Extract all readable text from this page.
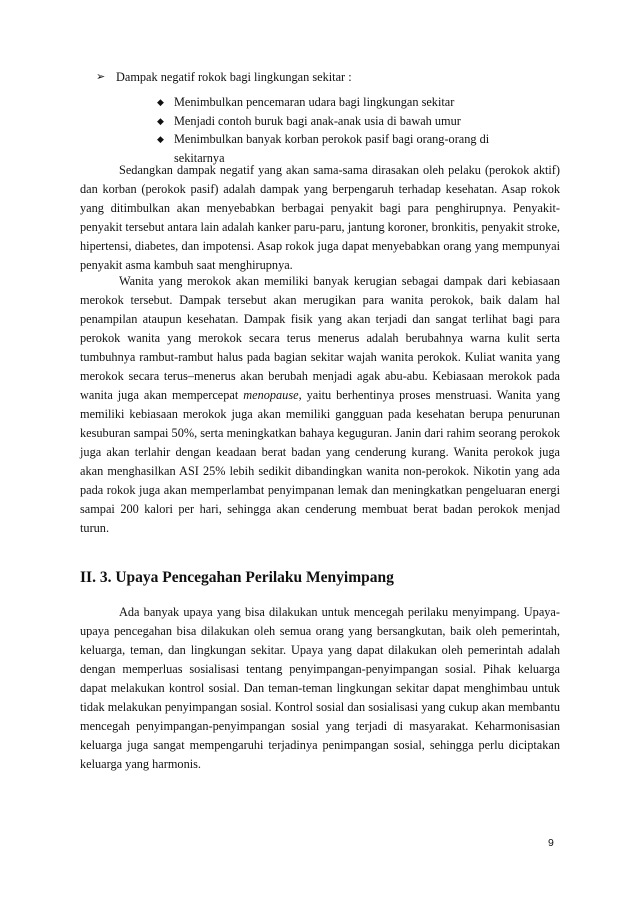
➢ Dampak negatif rokok bagi lingkungan sekitar :
◆ Menimbulkan pencemaran udara bagi lingkungan sekitar
◆ Menjadi contoh buruk bagi anak-anak usia di bawah umur
◆ Menimbulkan banyak korban perokok pasif bagi orang-orang di sekitarnya

Sedangkan dampak negatif yang akan sama-sama dirasakan oleh pelaku (perokok aktif) dan korban (perokok pasif) adalah dampak yang berpengaruh terhadap kesehatan. Asap rokok yang ditimbulkan akan menyebabkan berbagai penyakit bagi para penghirupnya. Penyakit-penyakit tersebut antara lain adalah kanker paru-paru, jantung koroner, bronkitis, penyakit stroke, hipertensi, diabetes, dan impotensi. Asap rokok juga dapat menyebabkan orang yang mempunyai penyakit asma kambuh saat menghirupnya.

Wanita yang merokok akan memiliki banyak kerugian sebagai dampak dari kebiasaan merokok tersebut. Dampak tersebut akan merugikan para wanita perokok, baik dalam hal penampilan ataupun kesehatan. Dampak fisik yang akan terjadi dan sangat terlihat bagi para perokok wanita yang merokok secara terus menerus adalah berubahnya warna kulit serta tumbuhnya rambut-rambut halus pada bagian sekitar wajah wanita perokok. Kuliat wanita yang merokok secara terus–menerus akan berubah menjadi agak abu-abu. Kebiasaan merokok pada wanita juga akan mempercepat menopause, yaitu berhentinya proses menstruasi. Wanita yang memiliki kebiasaan merokok juga akan memiliki gangguan pada kesehatan berupa penurunan kesuburan sampai 50%, serta meningkatkan bahaya keguguran. Janin dari rahim seorang perokok juga akan terlahir dengan keadaan berat badan yang cenderung kurang. Wanita perokok juga akan menghasilkan ASI 25% lebih sedikit dibandingkan wanita non-perokok. Nikotin yang ada pada rokok juga akan memperlambat penyimpanan lemak dan meningkatkan pengeluaran energi sampai 200 kalori per hari, sehingga akan cenderung membuat berat badan perokok menjad turun.

II. 3. Upaya Pencegahan Perilaku Menyimpang

Ada banyak upaya yang bisa dilakukan untuk mencegah perilaku menyimpang. Upaya-upaya pencegahan bisa dilakukan oleh semua orang yang bersangkutan, baik oleh pemerintah, keluarga, teman, dan lingkungan sekitar. Upaya yang dapat dilakukan oleh pemerintah adalah dengan memperluas sosialisasi tentang penyimpangan-penyimpangan sosial. Pihak keluarga dapat melakukan kontrol sosial. Dan teman-teman lingkungan sekitar dapat menghimbau untuk tidak melakukan penyimpangan sosial. Kontrol sosial dan sosialisasi yang cukup akan membantu mencegah penyimpangan-penyimpangan sosial yang terjadi di masyarakat. Keharmonisasian keluarga juga sangat mempengaruhi terjadinya penimpangan sosial, sehingga perlu diciptakan keluarga yang harmonis.

9
